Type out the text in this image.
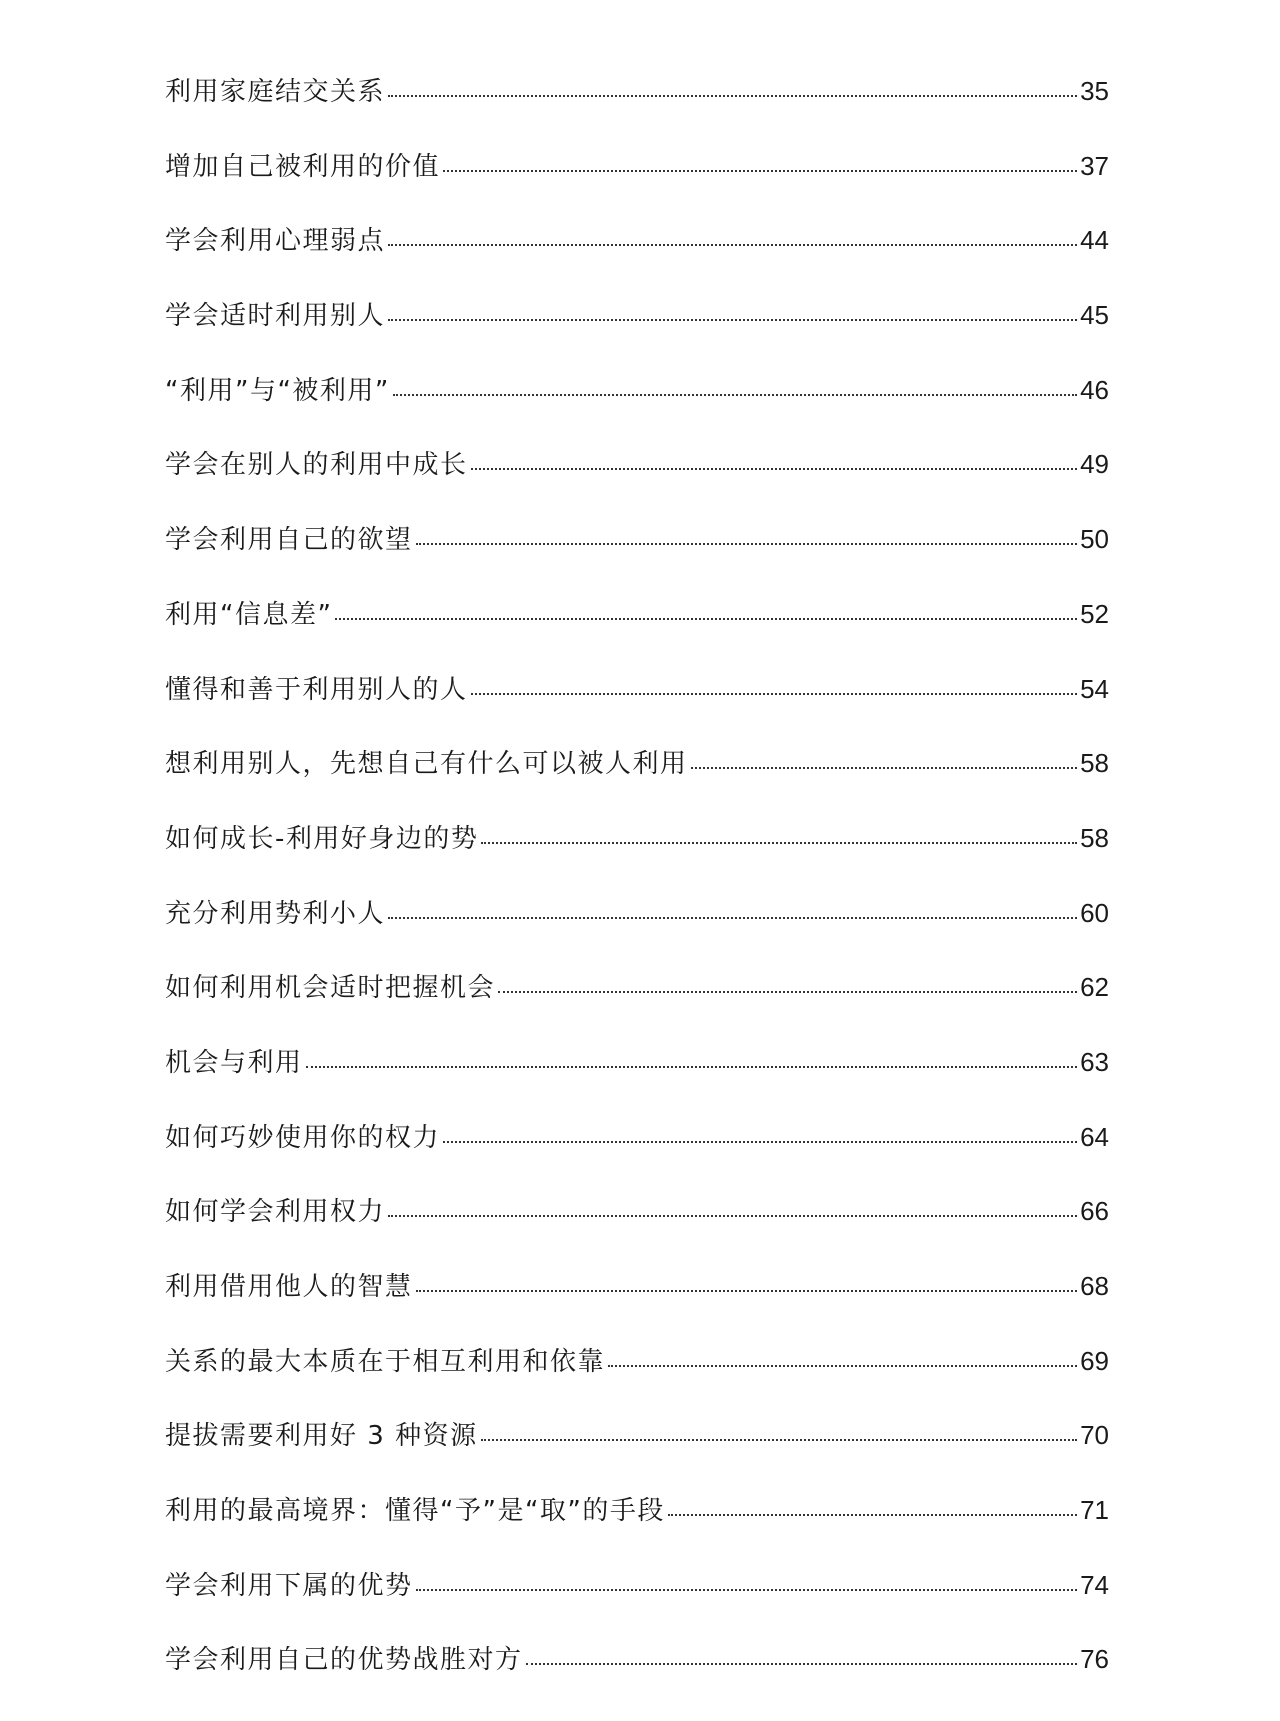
利用家庭结交关系	35
增加自己被利用的价值	37
学会利用心理弱点	44
学会适时利用别人	45
“利用”与“被利用”	46
学会在别人的利用中成长	49
学会利用自己的欲望	50
利用“信息差”	52
懂得和善于利用别人的人	54
想利用别人，先想自己有什么可以被人利用	58
如何成长-利用好身边的势	58
充分利用势利小人	60
如何利用机会适时把握机会	62
机会与利用	63
如何巧妙使用你的权力	64
如何学会利用权力	66
利用借用他人的智慧	68
关系的最大本质在于相互利用和依靠	69
提拔需要利用好 3 种资源	70
利用的最高境界：懂得“予”是“取”的手段	71
学会利用下属的优势	74
学会利用自己的优势战胜对方	76
